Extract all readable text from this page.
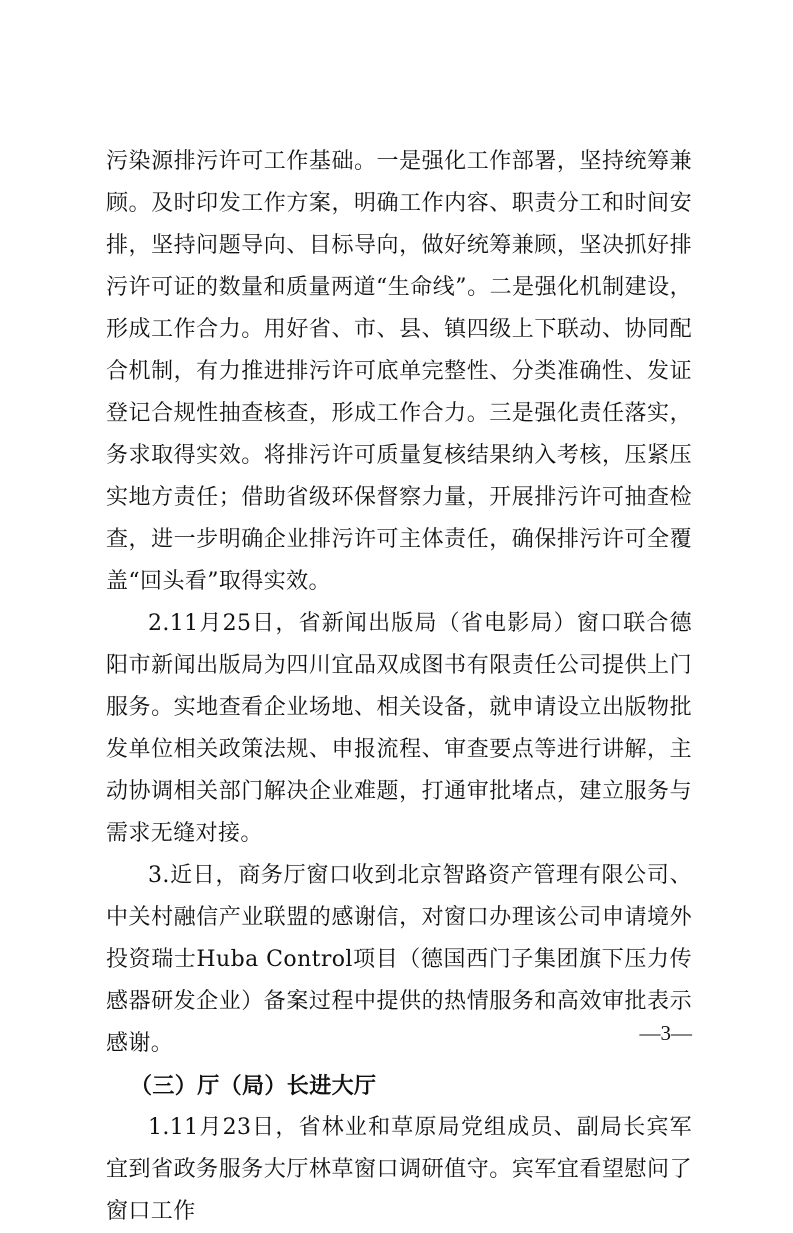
污染源排污许可工作基础。一是强化工作部署，坚持统筹兼顾。及时印发工作方案，明确工作内容、职责分工和时间安排，坚持问题导向、目标导向，做好统筹兼顾，坚决抓好排污许可证的数量和质量两道“生命线”。二是强化机制建设，形成工作合力。用好省、市、县、镇四级上下联动、协同配合机制，有力推进排污许可底单完整性、分类准确性、发证登记合规性抽查核查，形成工作合力。三是强化责任落实，务求取得实效。将排污许可质量复核结果纳入考核，压紧压实地方责任；借助省级环保督察力量，开展排污许可抽查检查，进一步明确企业排污许可主体责任，确保排污许可全覆盖“回头看”取得实效。

2.11月25日，省新闻出版局（省电影局）窗口联合德阳市新闻出版局为四川宜品双成图书有限责任公司提供上门服务。实地查看企业场地、相关设备，就申请设立出版物批发单位相关政策法规、申报流程、审查要点等进行讲解，主动协调相关部门解决企业难题，打通审批堵点，建立服务与需求无缝对接。

3.近日，商务厅窗口收到北京智路资产管理有限公司、中关村融信产业联盟的感谢信，对窗口办理该公司申请境外投资瑞士Huba Control项目（德国西门子集团旗下压力传感器研发企业）备案过程中提供的热情服务和高效审批表示感谢。

（三）厅（局）长进大厅

1.11月23日，省林业和草原局党组成员、副局长宾军宜到省政务服务大厅林草窗口调研值守。宾军宜看望慰问了窗口工作

—3—
